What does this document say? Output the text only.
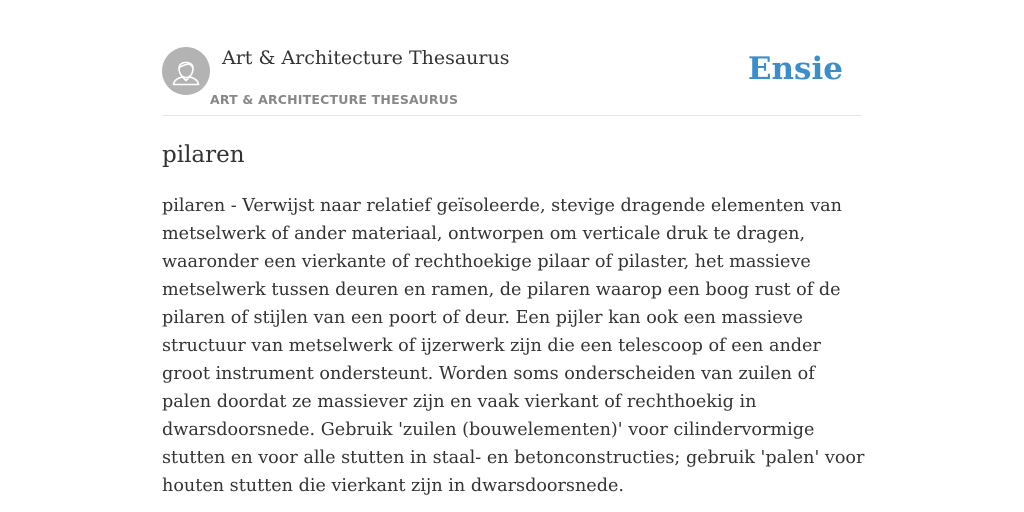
Art & Architecture Thesaurus
ART & ARCHITECTURE THESAURUS
Ensie
pilaren

pilaren - Verwijst naar relatief geïsoleerde, stevige dragende elementen van metselwerk of ander materiaal, ontworpen om verticale druk te dragen, waaronder een vierkante of rechthoekige pilaar of pilaster, het massieve metselwerk tussen deuren en ramen, de pilaren waarop een boog rust of de pilaren of stijlen van een poort of deur. Een pijler kan ook een massieve structuur van metselwerk of ijzerwerk zijn die een telescoop of een ander groot instrument ondersteunt. Worden soms onderscheiden van zuilen of palen doordat ze massiever zijn en vaak vierkant of rechthoekig in dwarsdoorsnede. Gebruik 'zuilen (bouwelementen)' voor cilindervormige stutten en voor alle stutten in staal- en betonconstructies; gebruik 'palen' voor houten stutten die vierkant zijn in dwarsdoorsnede.
